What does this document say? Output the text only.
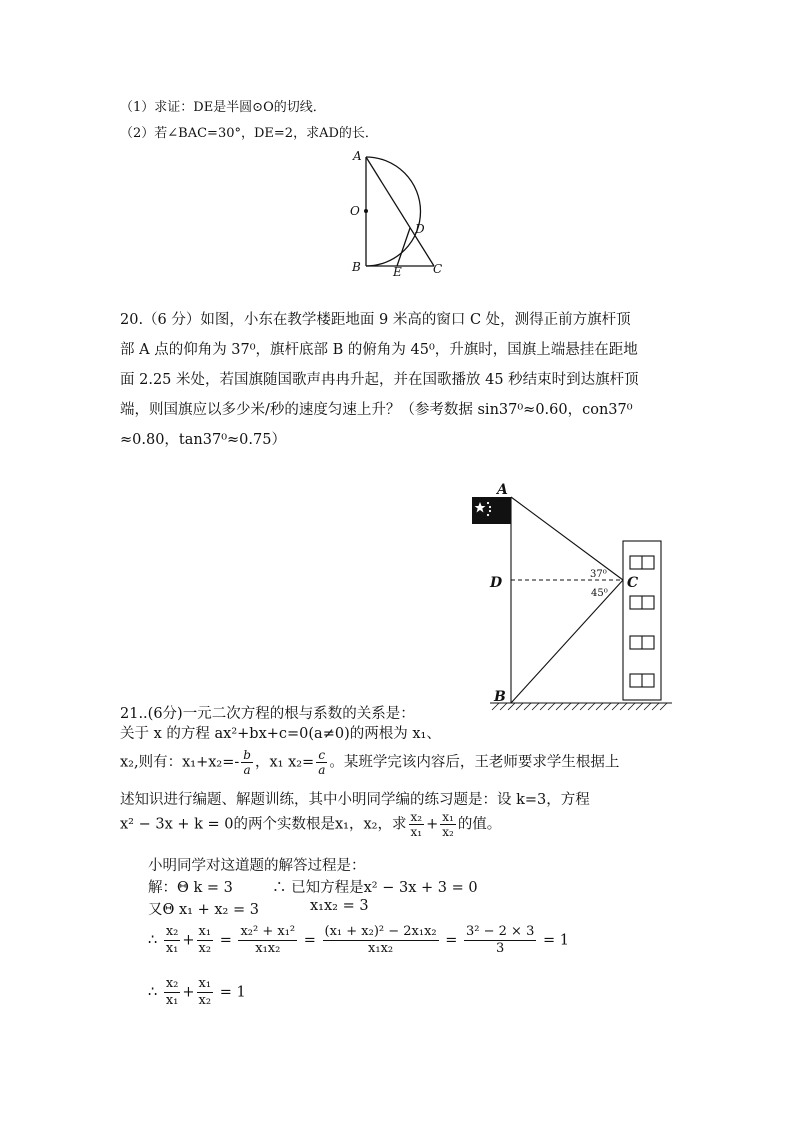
（1）求证：DE是半圆⊙O的切线．
（2）若∠BAC=30°，DE=2，求AD的长．
A
O
D
B	E	C
A
D	C
B
37⁰
45⁰
20.（6 分）如图，小东在教学楼距地面 9 米高的窗口 C 处，测得正前方旗杆顶
部 A 点的仰角为 37⁰，旗杆底部 B 的俯角为 45⁰，升旗时，国旗上端悬挂在距地
面 2.25 米处，若国旗随国歌声冉冉升起，并在国歌播放 45 秒结束时到达旗杆顶
端，则国旗应以多少米/秒的速度匀速上升？（参考数据 sin37⁰≈0.60，con37⁰
≈0.80，tan37⁰≈0.75）
21..(6分)一元二次方程的根与系数的关系是：
关于 x 的方程 ax²+bx+c=0(a≠0)的两根为 x₁、
x₂,则有：$x_1+x_2=- \frac{b}{a}$ ，x₁ $x_2= \frac{c}{a}$ 。某班学完该内容后，王老师要求学生根据上
述知识进行编题、解题训练，其中小明同学编的练习题是：设 k=3，方程
x² − 3x + k = 0的两个实数根是x₁，x₂，求 $\frac{\text{x₂}}{\text{x₁}} + \frac{\text{x₁}}{\text{x₂}}$ 的值。
小明同学对这道题的解答过程是：
解：Θ k = 3	∴ 已知方程是x² − 3x + 3 = 0
又Θ x₁ + x₂ = 3	x₁x₂ = 3
∴ $\frac{\text{x₂}}{\text{x₁}} + \frac{\text{x₁}}{\text{x₂}} = \frac{\text{x₂² + x₁²}}{\text{x₁x₂}} = \frac{\text{(x₁ + x₂)² − 2x₁x₂}}{\text{x₁x₂}} = \frac{\text{3² − 2 × 3}}{3} = 1$
∴ $\frac{\text{x₂}}{\text{x₁}} + \frac{\text{x₁}}{\text{x₂}} = 1$
